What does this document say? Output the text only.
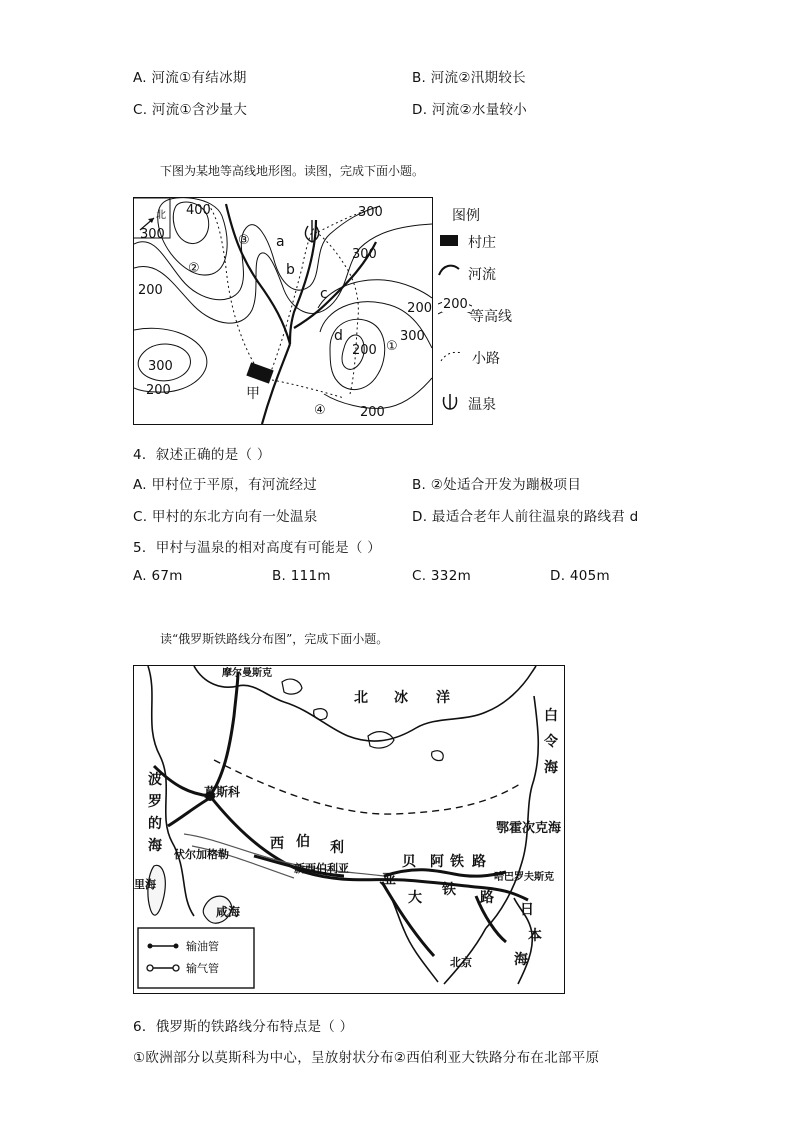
A. 河流①有结冰期	B. 河流②汛期较长
C. 河流①含沙量大	D. 河流②水量较小
下图为某地等高线地形图。读图，完成下面小题。
北 400
300
300
200
300
200
300
300
200
200
200 ①
②
③
④
a
b
c
d
甲
图例
村庄
河流
200
等高线
小路
温泉
4．叙述正确的是（ ）
A. 甲村位于平原，有河流经过	B. ②处适合开发为蹦极项目
C. 甲村的东北方向有一处温泉	D. 最适合老年人前往温泉的路线君 d
5．甲村与温泉的相对高度有可能是（ ）
A. 67m	B. 111m	C. 332m	D. 405m
读“俄罗斯铁路线分布图”，完成下面小题。
北 冰 洋
白
令
海
鄂霍次克海
莫斯科
西 伯 利
贝 阿 铁 路
亚
大 铁 路
新西伯利亚
伏尔加格勒
咸海
里海
日
本
海
北京
哈巴罗夫斯克
摩尔曼斯克
波
罗
的
海
输油管
输气管
6．俄罗斯的铁路线分布特点是（ ）
①欧洲部分以莫斯科为中心，呈放射状分布②西伯利亚大铁路分布在北部平原
